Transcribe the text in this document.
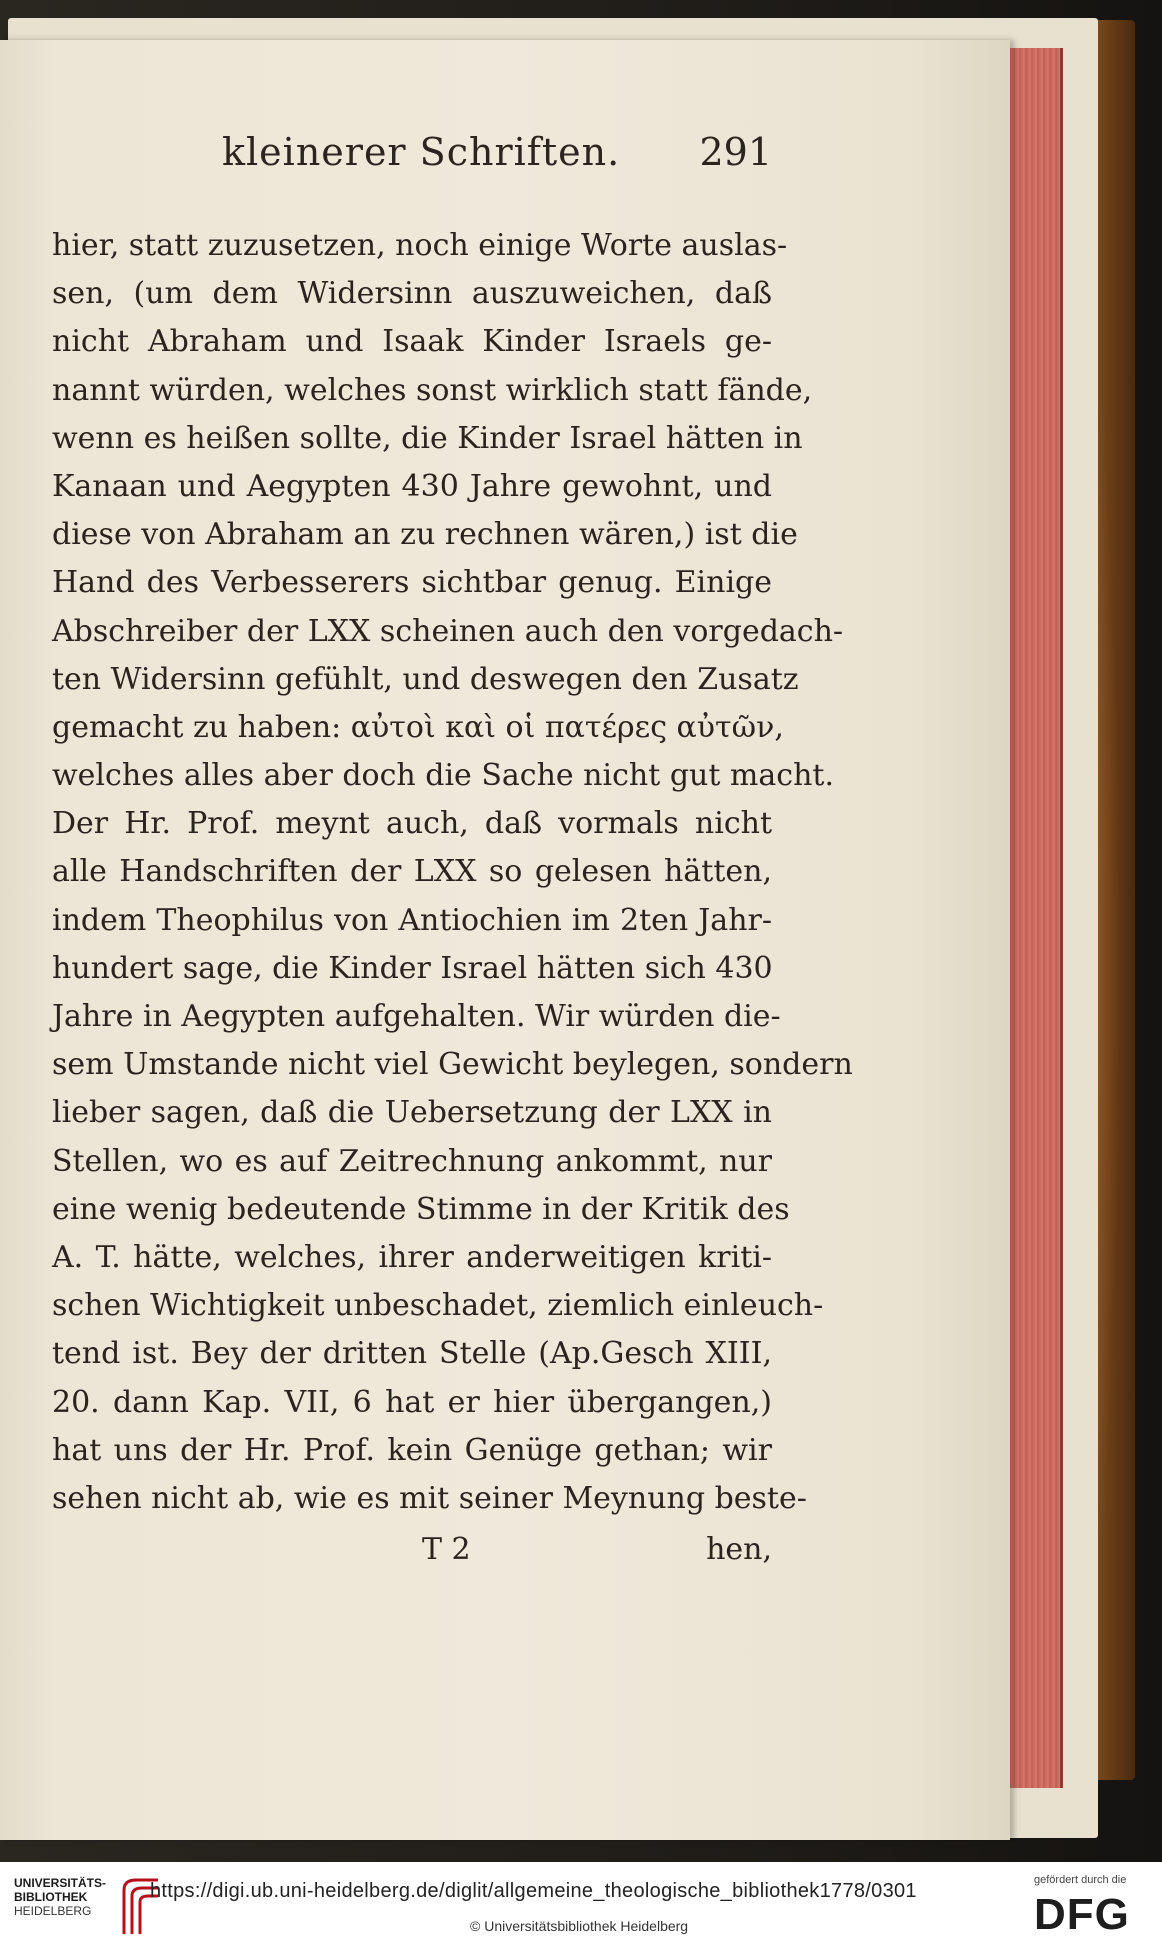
kleinerer Schriften. 291
hier, statt zuzusetzen, noch einige Worte auslas-
sen, (um dem Widersinn auszuweichen, daß
nicht Abraham und Isaak Kinder Israels ge-
nannt würden, welches sonst wirklich statt fände,
wenn es heißen sollte, die Kinder Israel hätten in
Kanaan und Aegypten 430 Jahre gewohnt, und
diese von Abraham an zu rechnen wären,) ist die
Hand des Verbesserers sichtbar genug. Einige
Abschreiber der LXX scheinen auch den vorgedach-
ten Widersinn gefühlt, und deswegen den Zusatz
gemacht zu haben: αὐτοὶ καὶ οἱ πατέρες αὐτῶν,
welches alles aber doch die Sache nicht gut macht.
Der Hr. Prof. meynt auch, daß vormals nicht
alle Handschriften der LXX so gelesen hätten,
indem Theophilus von Antiochien im 2ten Jahr-
hundert sage, die Kinder Israel hätten sich 430
Jahre in Aegypten aufgehalten. Wir würden die-
sem Umstande nicht viel Gewicht beylegen, sondern
lieber sagen, daß die Uebersetzung der LXX in
Stellen, wo es auf Zeitrechnung ankommt, nur
eine wenig bedeutende Stimme in der Kritik des
A. T. hätte, welches, ihrer anderweitigen kriti-
schen Wichtigkeit unbeschadet, ziemlich einleuch-
tend ist. Bey der dritten Stelle (Ap.Gesch XIII,
20. dann Kap. VII, 6 hat er hier übergangen,)
hat uns der Hr. Prof. kein Genüge gethan; wir
sehen nicht ab, wie es mit seiner Meynung beste-
T 2	hen,
UNIVERSITÄTS-
BIBLIOTHEK
HEIDELBERG
https://digi.ub.uni-heidelberg.de/diglit/allgemeine_theologische_bibliothek1778/0301
© Universitätsbibliothek Heidelberg
gefördert durch die
DFG
